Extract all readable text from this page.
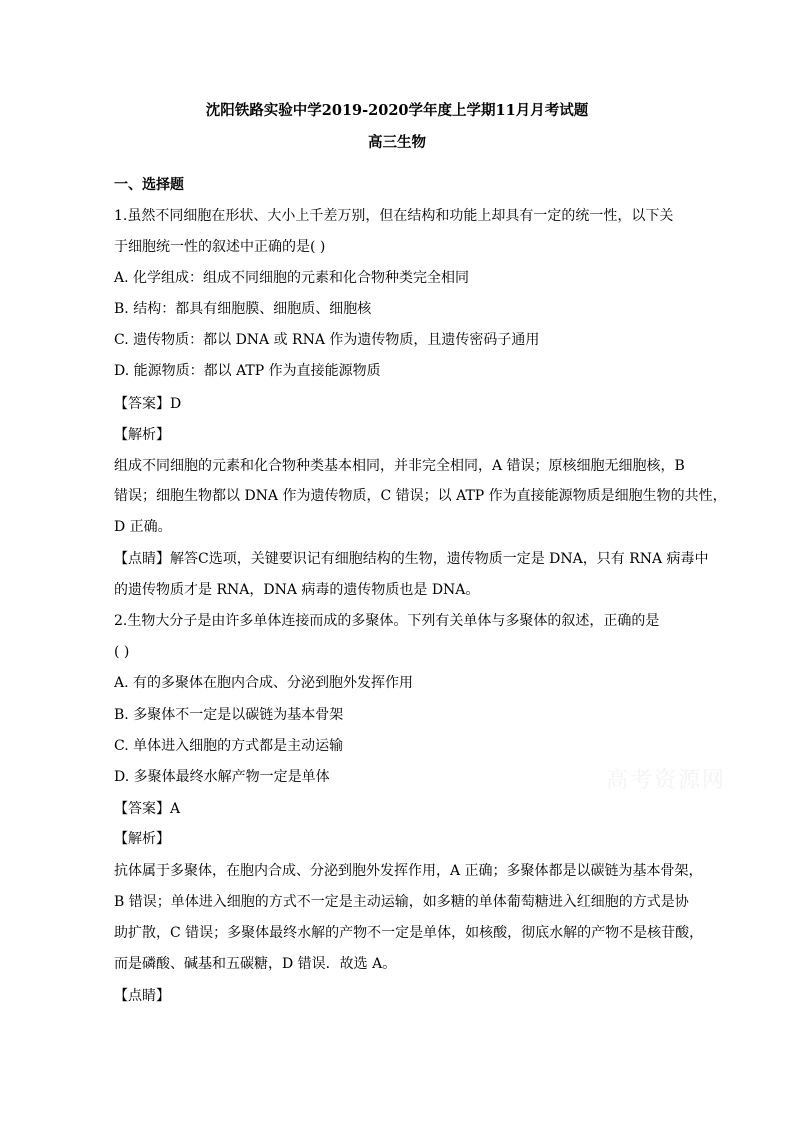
沈阳铁路实验中学2019-2020学年度上学期11月月考试题
高三生物
一、选择题
1.虽然不同细胞在形状、大小上千差万别，但在结构和功能上却具有一定的统一性，以下关
于细胞统一性的叙述中正确的是( )
A. 化学组成：组成不同细胞的元素和化合物种类完全相同
B. 结构：都具有细胞膜、细胞质、细胞核
C. 遗传物质：都以 DNA 或 RNA 作为遗传物质，且遗传密码子通用
D. 能源物质：都以 ATP 作为直接能源物质
【答案】D
【解析】
组成不同细胞的元素和化合物种类基本相同，并非完全相同，A 错误；原核细胞无细胞核，B
错误；细胞生物都以 DNA 作为遗传物质，C 错误；以 ATP 作为直接能源物质是细胞生物的共性，
D 正确。
【点睛】解答C选项，关键要识记有细胞结构的生物，遗传物质一定是 DNA，只有 RNA 病毒中
的遗传物质才是 RNA，DNA 病毒的遗传物质也是 DNA。
2.生物大分子是由许多单体连接而成的多聚体。下列有关单体与多聚体的叙述，正确的是
( )
A. 有的多聚体在胞内合成、分泌到胞外发挥作用
B. 多聚体不一定是以碳链为基本骨架
C. 单体进入细胞的方式都是主动运输
D. 多聚体最终水解产物一定是单体
【答案】A
【解析】
抗体属于多聚体，在胞内合成、分泌到胞外发挥作用，A 正确；多聚体都是以碳链为基本骨架，
B 错误；单体进入细胞的方式不一定是主动运输，如多糖的单体葡萄糖进入红细胞的方式是协
助扩散，C 错误；多聚体最终水解的产物不一定是单体，如核酸，彻底水解的产物不是核苷酸，
而是磷酸、碱基和五碳糖，D 错误．故选 A。
【点睛】
高考资源网
